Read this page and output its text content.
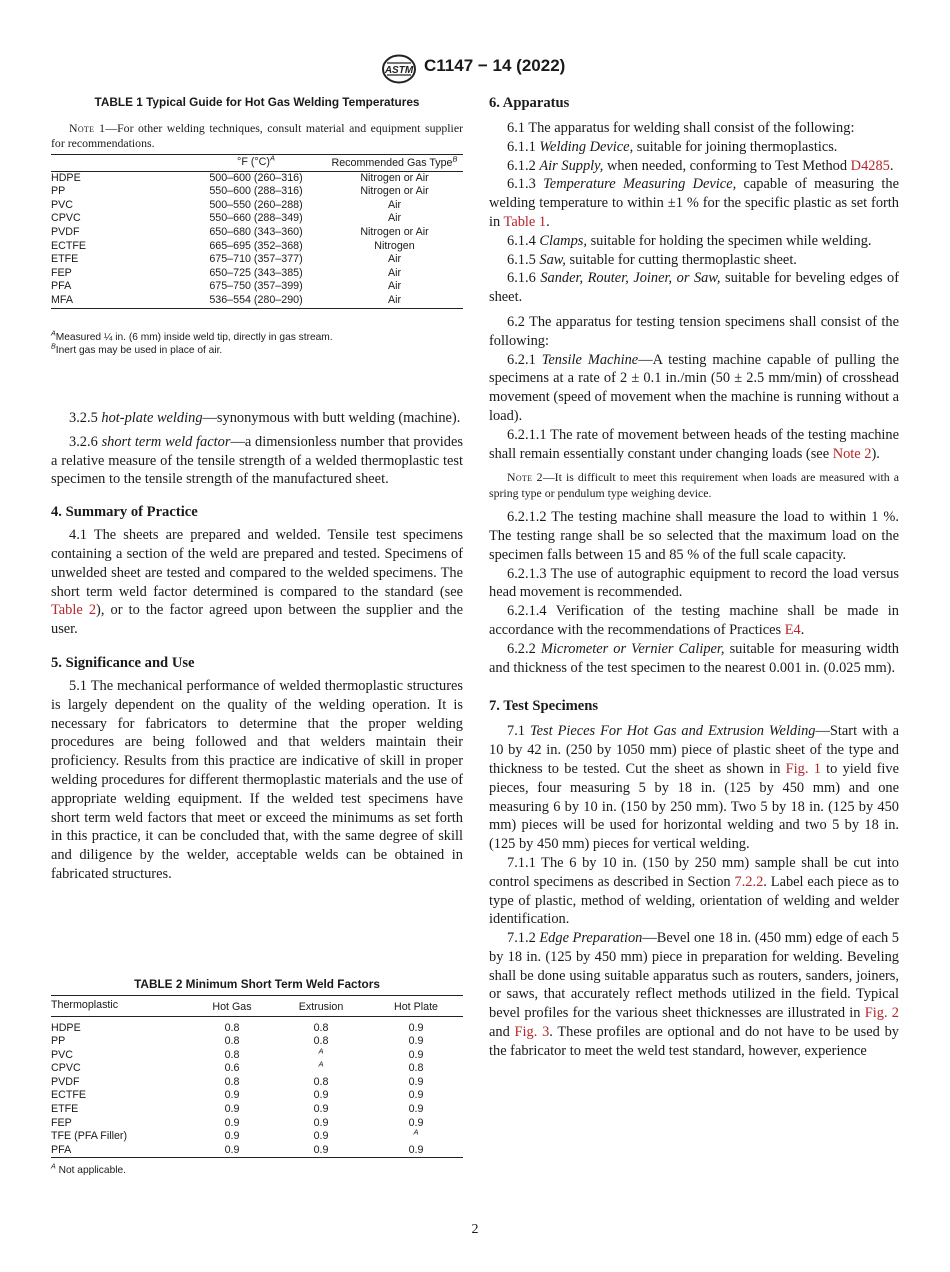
ASTM C1147 − 14 (2022)

TABLE 1 Typical Guide for Hot Gas Welding Temperatures

Note 1—For other welding techniques, consult material and equipment supplier for recommendations.

	°F $(^\circ C)^A$	Recommended Gas Type$^B$
HDPE	500–600 (260–316)	Nitrogen or Air
PP	550–600 (288–316)	Nitrogen or Air
PVC	500–550 (260–288)	Air
CPVC	550–660 (288–349)	Air
PVDF	650–680 (343–360)	Nitrogen or Air
ECTFE	665–695 (352–368)	Nitrogen
ETFE	675–710 (357–377)	Air
FEP	650–725 (343–385)	Air
PFA	675–750 (357–399)	Air
MFA	536–554 (280–290)	Air

$^A$Measured ¼ in. (6 mm) inside weld tip, directly in gas stream.

$^B$Inert gas may be used in place of air.

3.2.5 hot-plate welding—synonymous with butt welding (machine).

3.2.6 short term weld factor—a dimensionless number that provides a relative measure of the tensile strength of a welded thermoplastic test specimen to the tensile strength of the manufactured sheet.

4. Summary of Practice

4.1 The sheets are prepared and welded. Tensile test specimens containing a section of the weld are prepared and tested. Specimens of unwelded sheet are tested and compared to the welded specimens. The short term weld factor determined is compared to the standard (see Table 2), or to the factor agreed upon between the supplier and the user.

5. Significance and Use

5.1 The mechanical performance of welded thermoplastic structures is largely dependent on the quality of the welding operation. It is necessary for fabricators to determine that the proper welding procedures are being followed and that welders maintain their proficiency. Results from this practice are indicative of skill in proper welding procedures for different thermoplastic materials and the use of appropriate welding equipment. If the welded test specimens have short term weld factors that meet or exceed the minimums as set forth in this practice, it can be concluded that, with the same degree of skill and diligence by the welder, acceptable welds can be obtained in fabricated structures.

TABLE 2 Minimum Short Term Weld Factors

Thermoplastic	Hot Gas	Extrusion	Hot Plate
HDPE	0.8	0.8	0.9
PP	0.8	0.8	0.9
PVC	0.8	$^A$	0.9
CPVC	0.6	$^A$	0.8
PVDF	0.8	0.8	0.9
ECTFE	0.9	0.9	0.9
ETFE	0.9	0.9	0.9
FEP	0.9	0.9	0.9
TFE (PFA Filler)	0.9	0.9	$^A$
PFA	0.9	0.9	0.9

$^A$ Not applicable.

6. Apparatus

6.1 The apparatus for welding shall consist of the following:

6.1.1 Welding Device, suitable for joining thermoplastics.

6.1.2 Air Supply, when needed, conforming to Test Method D4285.

6.1.3 Temperature Measuring Device, capable of measuring the welding temperature to within ±1 % for the specific plastic as set forth in Table 1.

6.1.4 Clamps, suitable for holding the specimen while welding.

6.1.5 Saw, suitable for cutting thermoplastic sheet.

6.1.6 Sander, Router, Joiner, or Saw, suitable for beveling edges of sheet.

6.2 The apparatus for testing tension specimens shall consist of the following:

6.2.1 Tensile Machine—A testing machine capable of pulling the specimens at a rate of 2 ± 0.1 in./min (50 ± 2.5 mm/min) of crosshead movement (speed of movement when the machine is running without a load).

6.2.1.1 The rate of movement between heads of the testing machine shall remain essentially constant under changing loads (see Note 2).

Note 2—It is difficult to meet this requirement when loads are measured with a spring type or pendulum type weighing device.

6.2.1.2 The testing machine shall measure the load to within 1 %. The testing range shall be so selected that the maximum load on the specimen falls between 15 and 85 % of the full scale capacity.

6.2.1.3 The use of autographic equipment to record the load versus head movement is recommended.

6.2.1.4 Verification of the testing machine shall be made in accordance with the recommendations of Practices E4.

6.2.2 Micrometer or Vernier Caliper, suitable for measuring width and thickness of the test specimen to the nearest 0.001 in. (0.025 mm).

7. Test Specimens

7.1 Test Pieces For Hot Gas and Extrusion Welding—Start with a 10 by 42 in. (250 by 1050 mm) piece of plastic sheet of the type and thickness to be tested. Cut the sheet as shown in Fig. 1 to yield five pieces, four measuring 5 by 18 in. (125 by 450 mm) and one measuring 6 by 10 in. (150 by 250 mm). Two 5 by 18 in. (125 by 450 mm) pieces will be used for horizontal welding and two 5 by 18 in. (125 by 450 mm) pieces for vertical welding.

7.1.1 The 6 by 10 in. (150 by 250 mm) sample shall be cut into control specimens as described in Section 7.2.2. Label each piece as to type of plastic, method of welding, orientation of welding and welder identification.

7.1.2 Edge Preparation—Bevel one 18 in. (450 mm) edge of each 5 by 18 in. (125 by 450 mm) piece in preparation for welding. Beveling shall be done using suitable apparatus such as routers, sanders, joiners, or saws, that accurately reflect methods utilized in the field. Typical bevel profiles for the various sheet thicknesses are illustrated in Fig. 2 and Fig. 3. These profiles are optional and do not have to be used by the fabricator to meet the weld test standard, however, experience

2
